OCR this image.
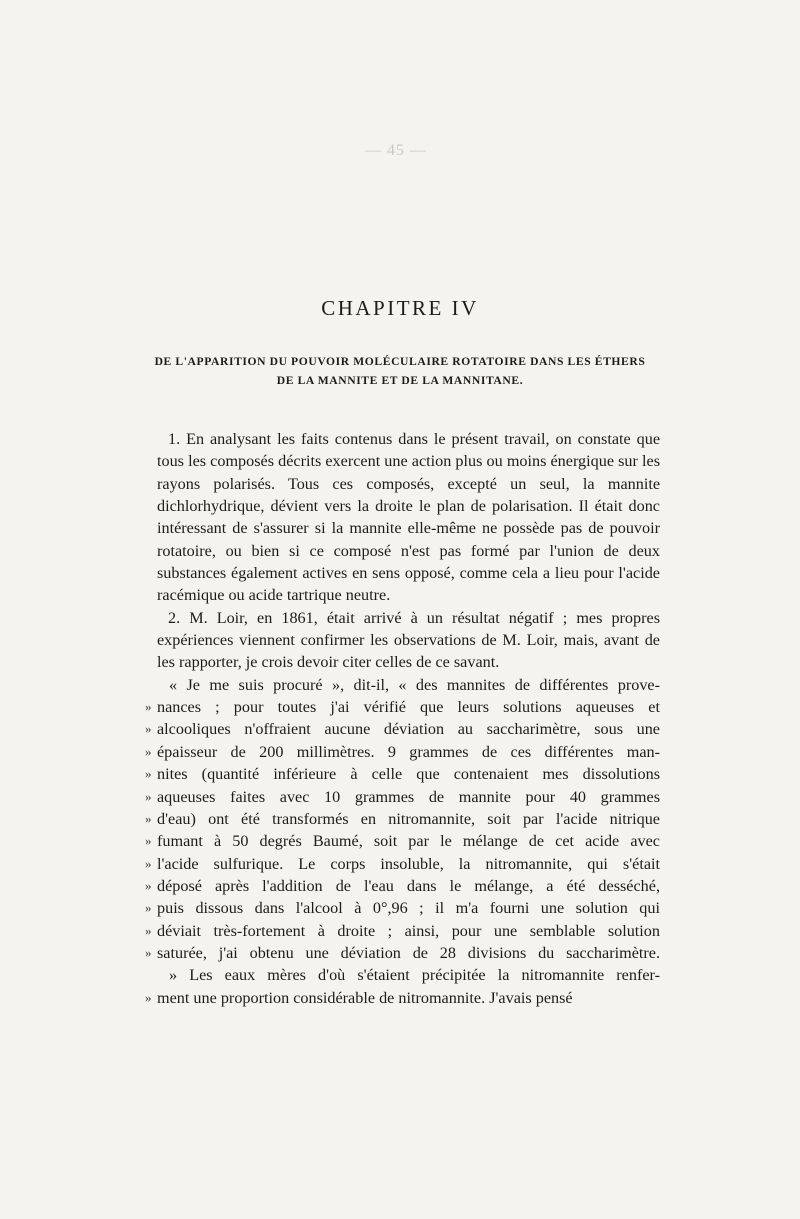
— 45 —
CHAPITRE IV
DE L'APPARITION DU POUVOIR MOLÉCULAIRE ROTATOIRE DANS LES ÉTHERS DE LA MANNITE ET DE LA MANNITANE.

1. En analysant les faits contenus dans le présent travail, on constate que tous les composés décrits exercent une action plus ou moins énergique sur les rayons polarisés. Tous ces composés, excepté un seul, la mannite dichlorhydrique, dévient vers la droite le plan de polarisation. Il était donc intéressant de s'assurer si la mannite elle-même ne possède pas de pouvoir rotatoire, ou bien si ce composé n'est pas formé par l'union de deux substances également actives en sens opposé, comme cela a lieu pour l'acide racémique ou acide tartrique neutre.

2. M. Loir, en 1861, était arrivé à un résultat négatif ; mes propres expériences viennent confirmer les observations de M. Loir, mais, avant de les rapporter, je crois devoir citer celles de ce savant.

« Je me suis procuré », dit-il, « des mannites de différentes prove-
» nances ; pour toutes j'ai vérifié que leurs solutions aqueuses et
» alcooliques n'offraient aucune déviation au saccharimètre, sous une
» épaisseur de 200 millimètres. 9 grammes de ces différentes man-
» nites (quantité inférieure à celle que contenaient mes dissolutions
» aqueuses faites avec 10 grammes de mannite pour 40 grammes
» d'eau) ont été transformés en nitromannite, soit par l'acide nitrique
» fumant à 50 degrés Baumé, soit par le mélange de cet acide avec
» l'acide sulfurique. Le corps insoluble, la nitromannite, qui s'était
» déposé après l'addition de l'eau dans le mélange, a été desséché,
» puis dissous dans l'alcool à 0°,96 ; il m'a fourni une solution qui
» déviait très-fortement à droite ; ainsi, pour une semblable solution
» saturée, j'ai obtenu une déviation de 28 divisions du saccharimètre.
» Les eaux mères d'où s'étaient précipitée la nitromannite renfer-
» ment une proportion considérable de nitromannite. J'avais pensé
